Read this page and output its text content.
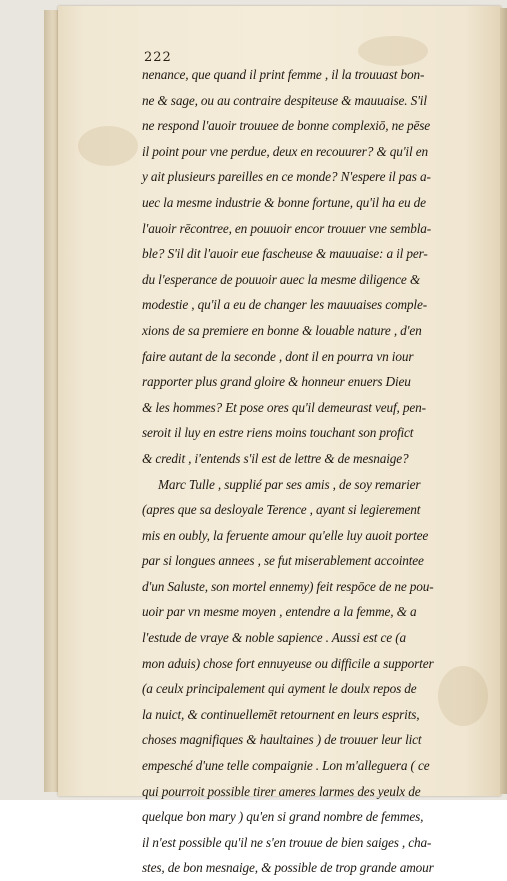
222
nenance, que quand il print femme , il la trouuast bon-
ne & sage, ou au contraire despiteuse & mauuaise. S'il
ne respond l'auoir trouuee de bonne complexiō, ne pēse
il point pour vne perdue, deux en recouurer? & qu'il en
y ait plusieurs pareilles en ce monde? N'espere il pas a-
uec la mesme industrie & bonne fortune, qu'il ha eu de
l'auoir rēcontree, en pouuoir encor trouuer vne sembla-
ble? S'il dit l'auoir eue fascheuse & mauuaise: a il per-
du l'esperance de pouuoir auec la mesme diligence &
modestie , qu'il a eu de changer les mauuaises comple-
xions de sa premiere en bonne & louable nature , d'en
faire autant de la seconde , dont il en pourra vn iour
rapporter plus grand gloire & honneur enuers Dieu
& les hommes? Et pose ores qu'il demeurast veuf, pen-
seroit il luy en estre riens moins touchant son profict
& credit , i'entends s'il est de lettre & de mesnaige?
Marc Tulle , supplié par ses amis , de soy remarier
(apres que sa desloyale Terence , ayant si legierement
mis en oubly, la feruente amour qu'elle luy auoit portee
par si longues annees , se fut miserablement accointee
d'un Saluste, son mortel ennemy) feit respōce de ne pou-
uoir par vn mesme moyen , entendre a la femme, & a
l'estude de vraye & noble sapience . Aussi est ce (a
mon aduis) chose fort ennuyeuse ou difficile a supporter
(a ceulx principalement qui ayment le doulx repos de
la nuict, & continuellemēt retournent en leurs esprits,
choses magnifiques & haultaines ) de trouuer leur lict
empesché d'une telle compaignie . Lon m'alleguera ( ce
qui pourroit possible tirer ameres larmes des yeulx de
quelque bon mary ) qu'en si grand nombre de femmes,
il n'est possible qu'il ne s'en trouue de bien saiges , cha-
stes, de bon mesnaige, & possible de trop grande amour
